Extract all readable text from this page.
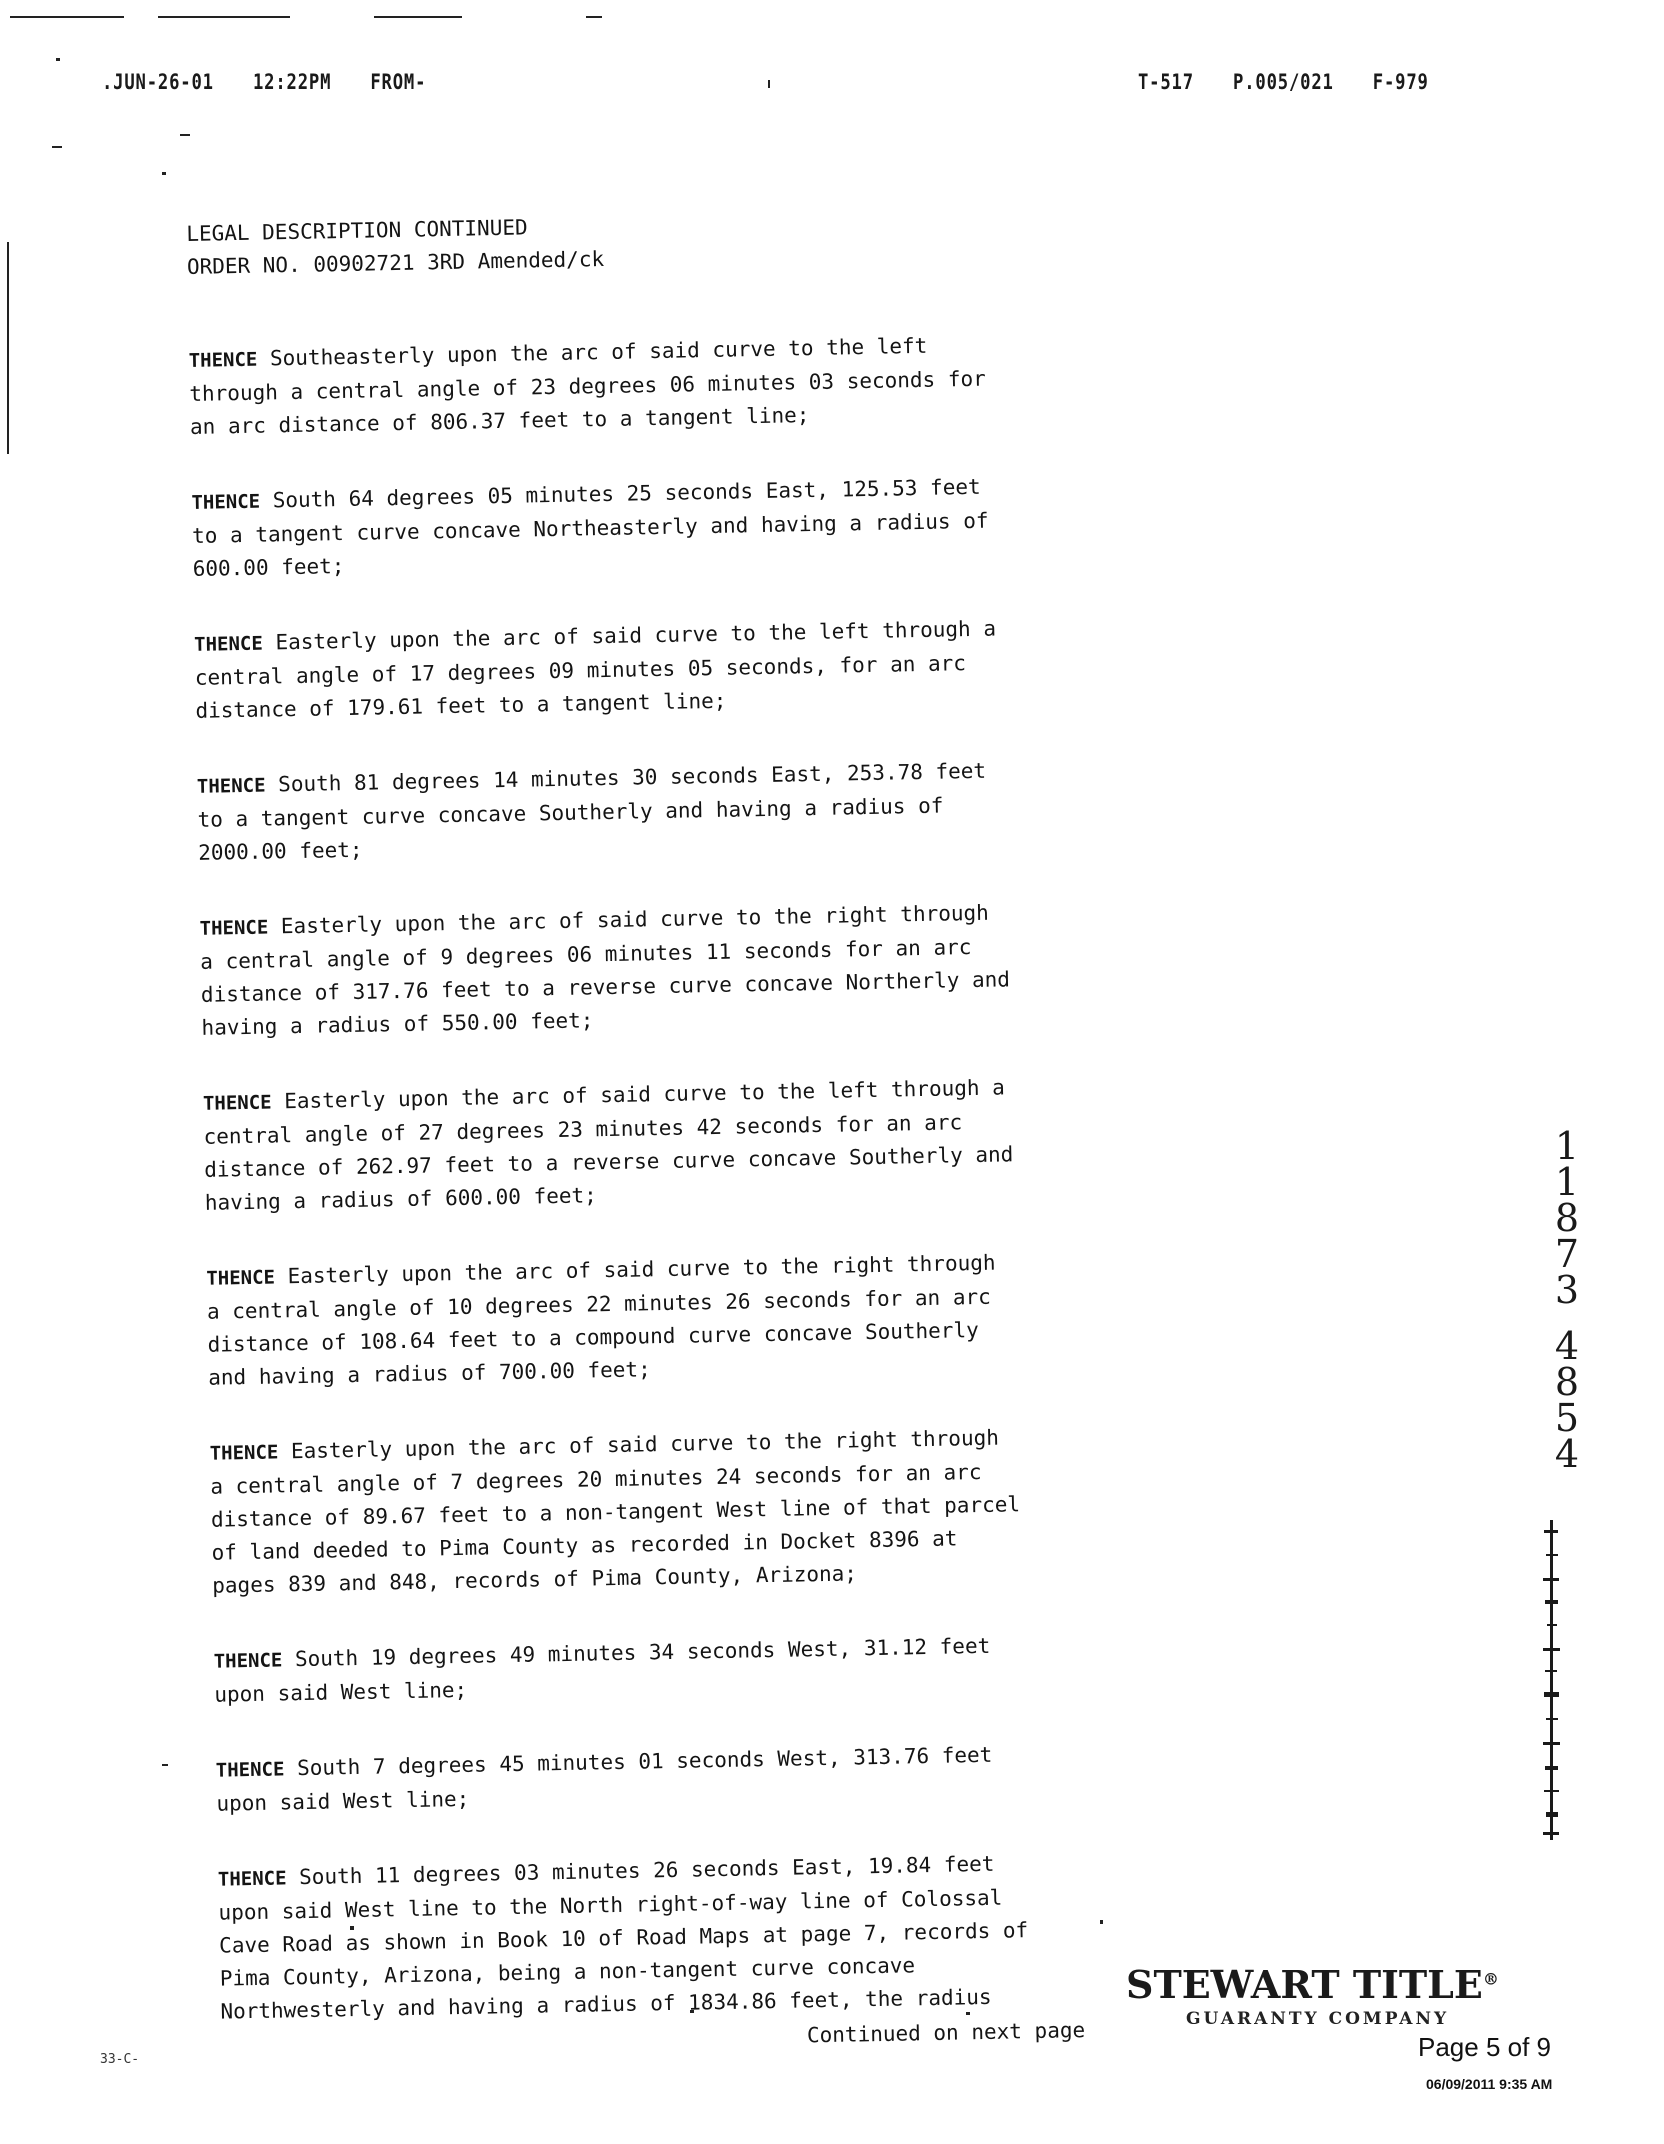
.JUN-26-01 12:22PM FROM-	T-517 P.005/021 F-979

LEGAL DESCRIPTION CONTINUED

ORDER NO. 00902721 3RD Amended/ck

THENCE Southeasterly upon the arc of said curve to the left
through a central angle of 23 degrees 06 minutes 03 seconds for
an arc distance of 806.37 feet to a tangent line;

THENCE South 64 degrees 05 minutes 25 seconds East, 125.53 feet
to a tangent curve concave Northeasterly and having a radius of
600.00 feet;

THENCE Easterly upon the arc of said curve to the left through a
central angle of 17 degrees 09 minutes 05 seconds, for an arc
distance of 179.61 feet to a tangent line;

THENCE South 81 degrees 14 minutes 30 seconds East, 253.78 feet
to a tangent curve concave Southerly and having a radius of
2000.00 feet;

THENCE Easterly upon the arc of said curve to the right through
a central angle of 9 degrees 06 minutes 11 seconds for an arc
distance of 317.76 feet to a reverse curve concave Northerly and
having a radius of 550.00 feet;

THENCE Easterly upon the arc of said curve to the left through a
central angle of 27 degrees 23 minutes 42 seconds for an arc
distance of 262.97 feet to a reverse curve concave Southerly and
having a radius of 600.00 feet;

THENCE Easterly upon the arc of said curve to the right through
a central angle of 10 degrees 22 minutes 26 seconds for an arc
distance of 108.64 feet to a compound curve concave Southerly
and having a radius of 700.00 feet;

THENCE Easterly upon the arc of said curve to the right through
a central angle of 7 degrees 20 minutes 24 seconds for an arc
distance of 89.67 feet to a non-tangent West line of that parcel
of land deeded to Pima County as recorded in Docket 8396 at
pages 839 and 848, records of Pima County, Arizona;

THENCE South 19 degrees 49 minutes 34 seconds West, 31.12 feet
upon said West line;

THENCE South 7 degrees 45 minutes 01 seconds West, 313.76 feet
upon said West line;

THENCE South 11 degrees 03 minutes 26 seconds East, 19.84 feet
upon said West line to the North right-of-way line of Colossal
Cave Road as shown in Book 10 of Road Maps at page 7, records of
Pima County, Arizona, being a non-tangent curve concave
Northwesterly and having a radius of 1834.86 feet, the radius

Continued on next page
1
1
8
7
3
4
8
5
4
STEWART TITLE®
GUARANTY COMPANY
Page 5 of 9
06/09/2011 9:35 AM
33-C-
